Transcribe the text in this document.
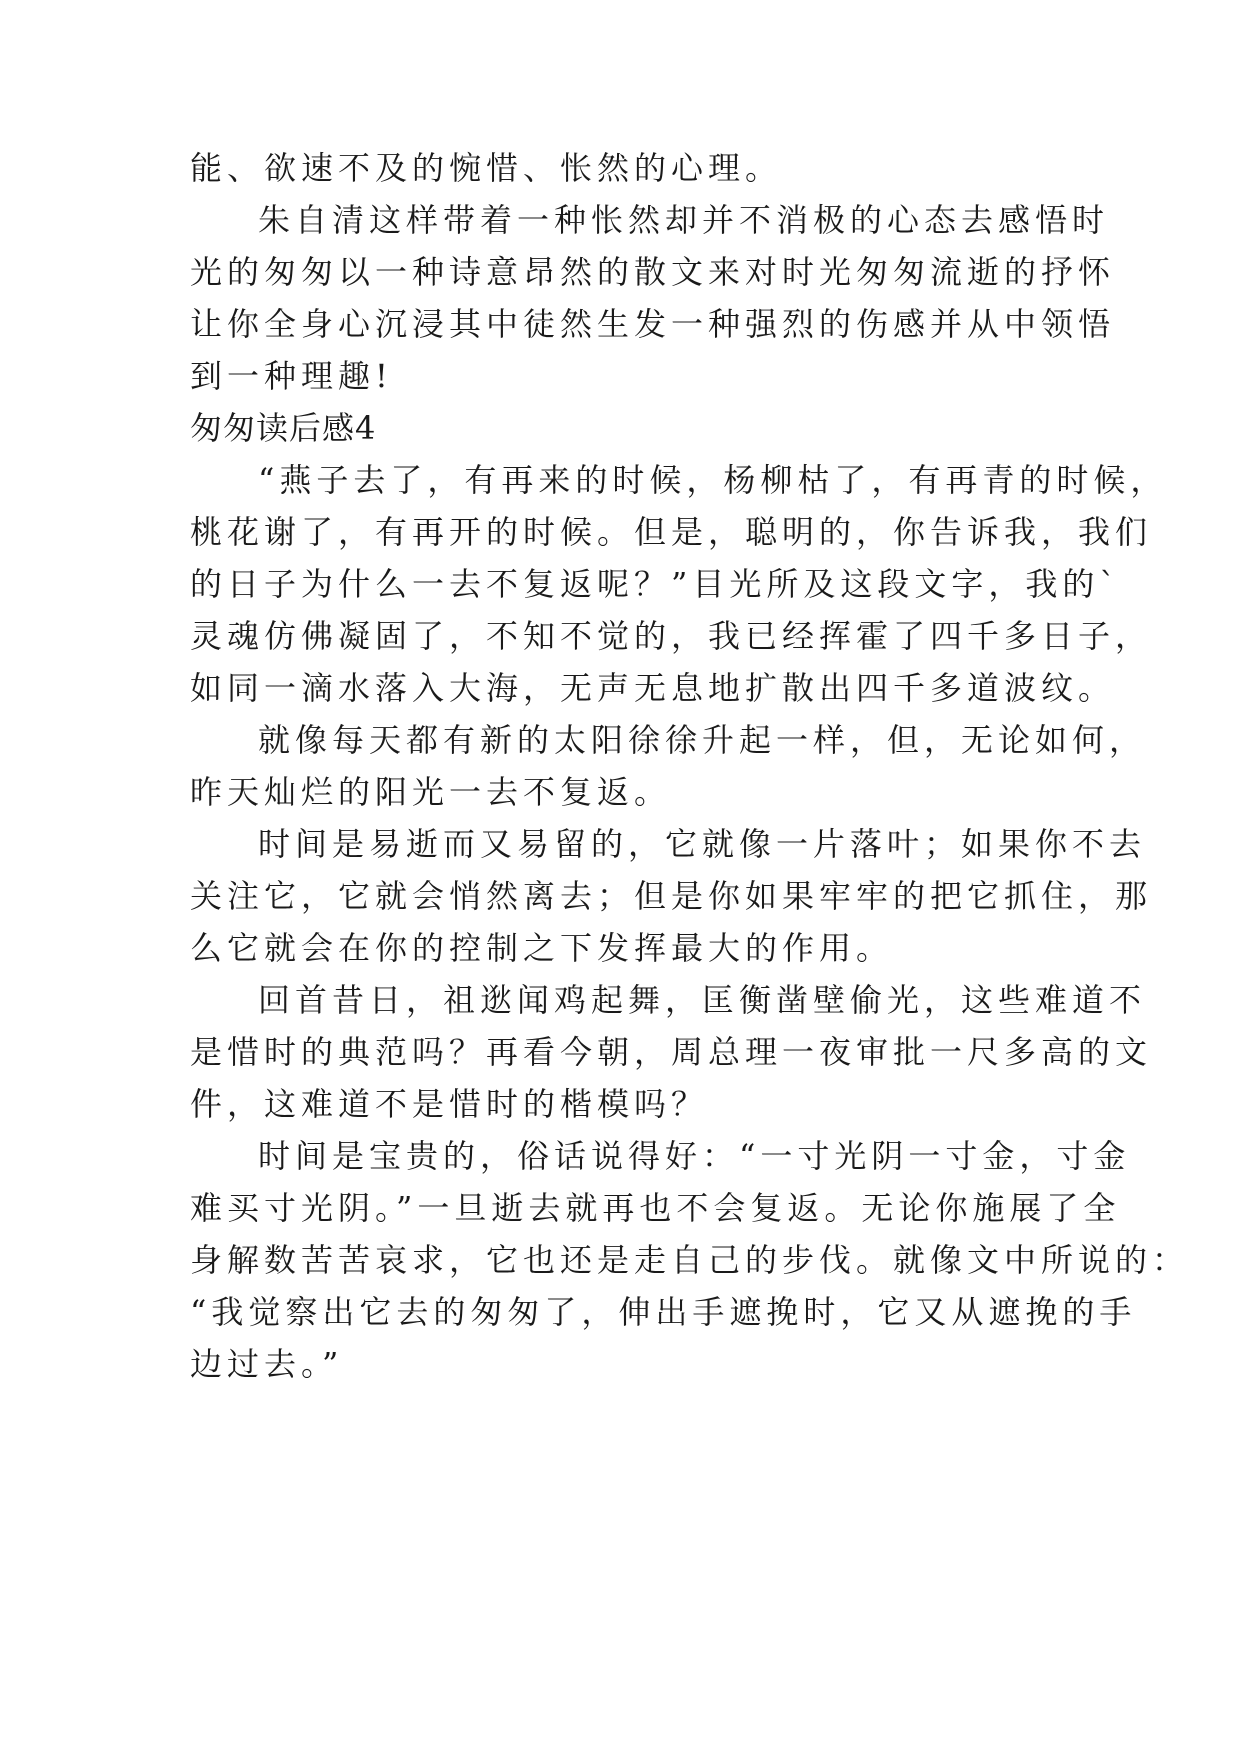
能、欲速不及的惋惜、怅然的心理。
朱自清这样带着一种怅然却并不消极的心态去感悟时
光的匆匆以一种诗意昂然的散文来对时光匆匆流逝的抒怀
让你全身心沉浸其中徒然生发一种强烈的伤感并从中领悟
到一种理趣!
匆匆读后感4
“燕子去了，有再来的时候，杨柳枯了，有再青的时候，
桃花谢了，有再开的时候。但是，聪明的，你告诉我，我们
的日子为什么一去不复返呢？”目光所及这段文字，我的`
灵魂仿佛凝固了，不知不觉的，我已经挥霍了四千多日子，
如同一滴水落入大海，无声无息地扩散出四千多道波纹。
就像每天都有新的太阳徐徐升起一样，但，无论如何，
昨天灿烂的阳光一去不复返。
时间是易逝而又易留的，它就像一片落叶；如果你不去
关注它，它就会悄然离去；但是你如果牢牢的把它抓住，那
么它就会在你的控制之下发挥最大的作用。
回首昔日，祖逖闻鸡起舞，匡衡凿壁偷光，这些难道不
是惜时的典范吗？再看今朝，周总理一夜审批一尺多高的文
件，这难道不是惜时的楷模吗？
时间是宝贵的，俗话说得好：“一寸光阴一寸金，寸金
难买寸光阴。”一旦逝去就再也不会复返。无论你施展了全
身解数苦苦哀求，它也还是走自己的步伐。就像文中所说的：
“我觉察出它去的匆匆了，伸出手遮挽时，它又从遮挽的手
边过去。”
